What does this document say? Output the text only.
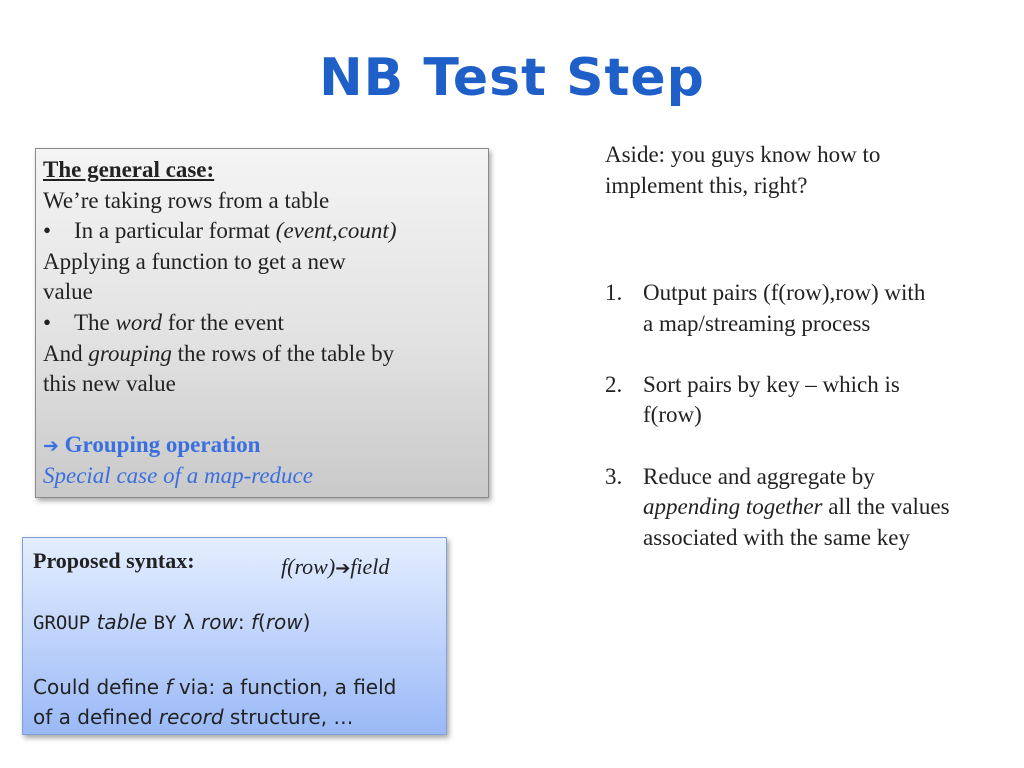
NB Test Step
The general case:
We’re taking rows from a table
• In a particular format (event,count)
Applying a function to get a new
value
• The word for the event
And grouping the rows of the table by
this new value
➔ Grouping operation
Special case of a map-reduce
Proposed syntax:	f(row)➔field
GROUP table BY λ row: f(row)
Could define f via: a function, a field
of a defined record structure, …
Aside: you guys know how to
implement this, right?
1. Output pairs (f(row),row) with
a map/streaming process
2. Sort pairs by key – which is
f(row)
3. Reduce and aggregate by
appending together all the values
associated with the same key
